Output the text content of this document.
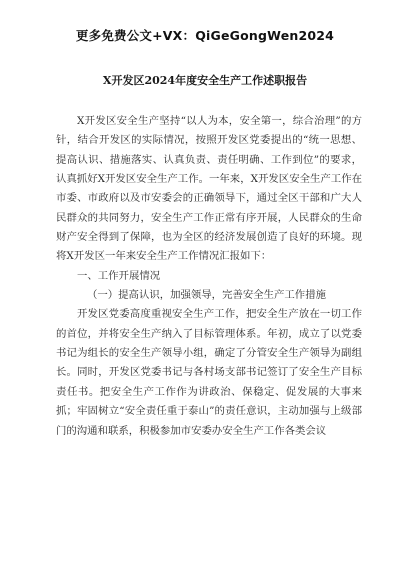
更多免费公文+VX：QiGeGongWen2024
X开发区2024年度安全生产工作述职报告

X开发区安全生产坚持“以人为本，安全第一，综合治理”的方针，结合开发区的实际情况，按照开发区党委提出的“统一思想、提高认识、措施落实、认真负责、责任明确、工作到位”的要求，认真抓好X开发区安全生产工作。一年来，X开发区安全生产工作在市委、市政府以及市安委会的正确领导下，通过全区干部和广大人民群众的共同努力，安全生产工作正常有序开展，人民群众的生命财产安全得到了保障，也为全区的经济发展创造了良好的环境。现将X开发区一年来安全生产工作情况汇报如下：

一、工作开展情况

（一）提高认识，加强领导，完善安全生产工作措施

开发区党委高度重视安全生产工作，把安全生产放在一切工作的首位，并将安全生产纳入了目标管理体系。年初，成立了以党委书记为组长的安全生产领导小组，确定了分管安全生产领导为副组长。同时，开发区党委书记与各村场支部书记签订了安全生产目标责任书。把安全生产工作作为讲政治、保稳定、促发展的大事来抓；牢固树立“安全责任重于泰山”的责任意识，主动加强与上级部门的沟通和联系，积极参加市安委办安全生产工作各类会议
